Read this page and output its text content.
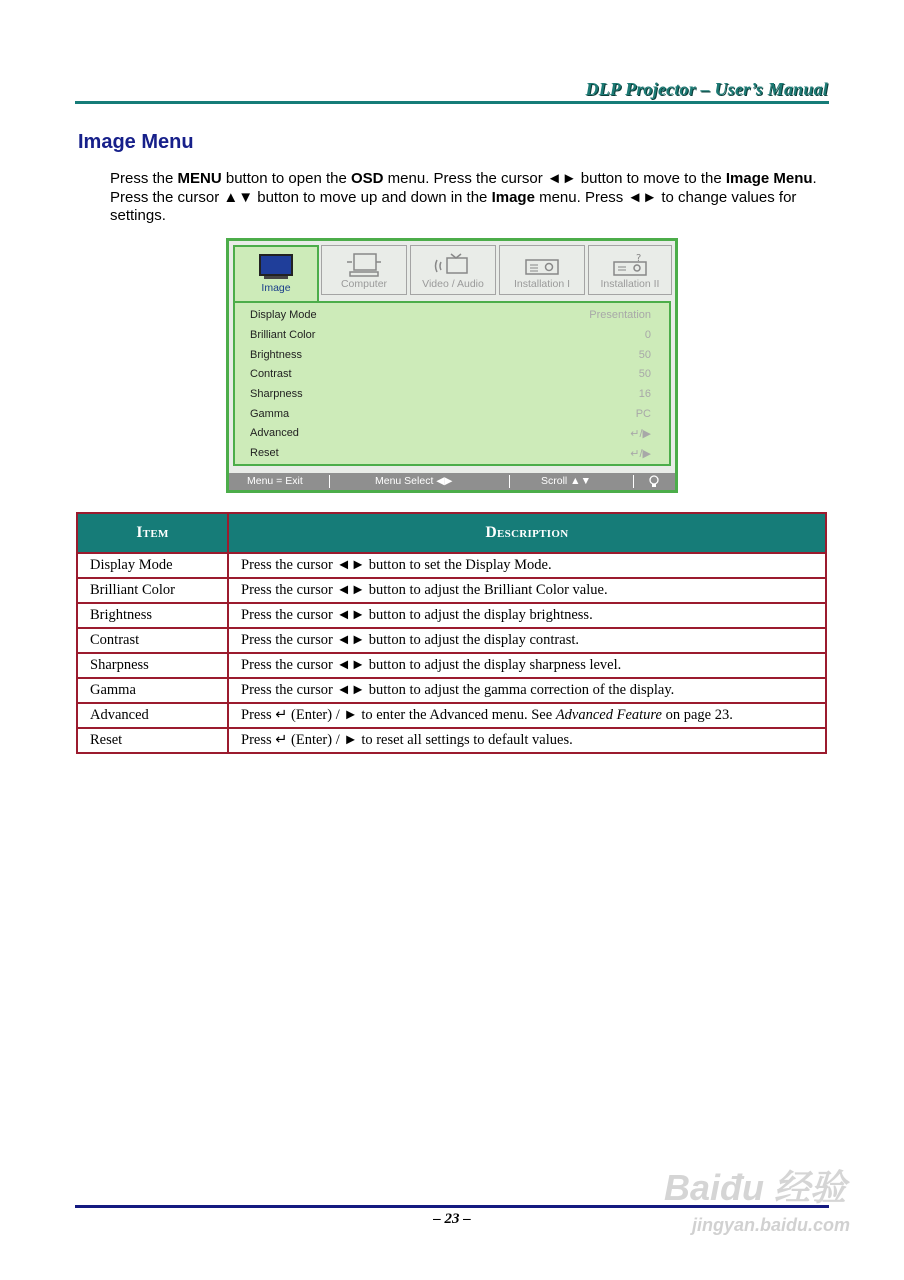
DLP Projector – User’s Manual
Image Menu
Press the MENU button to open the OSD menu. Press the cursor ◄► button to move to the Image Menu. Press the cursor ▲▼ button to move up and down in the Image menu. Press ◄► to change values for settings.
Image	Computer	Video / Audio	Installation I
?
Installation II
Display Mode	Presentation
Brilliant Color	0
Brightness	50
Contrast	50
Sharpness	16
Gamma	PC
Advanced	↵/▶
Reset	↵/▶
Menu = Exit	Menu Select ◀▶	Scroll ▲▼
Item	Description
Display Mode	Press the cursor ◄► button to set the Display Mode.
Brilliant Color	Press the cursor ◄► button to adjust the Brilliant Color value.
Brightness	Press the cursor ◄► button to adjust the display brightness.
Contrast	Press the cursor ◄► button to adjust the display contrast.
Sharpness	Press the cursor ◄► button to adjust the display sharpness level.
Gamma	Press the cursor ◄► button to adjust the gamma correction of the display.
Advanced	Press ↵ (Enter) / ► to enter the Advanced menu. See Advanced Feature on page 23.
Reset	Press ↵ (Enter) / ► to reset all settings to default values.
– 23 –
Baiđu 经验
jingyan.baidu.com
